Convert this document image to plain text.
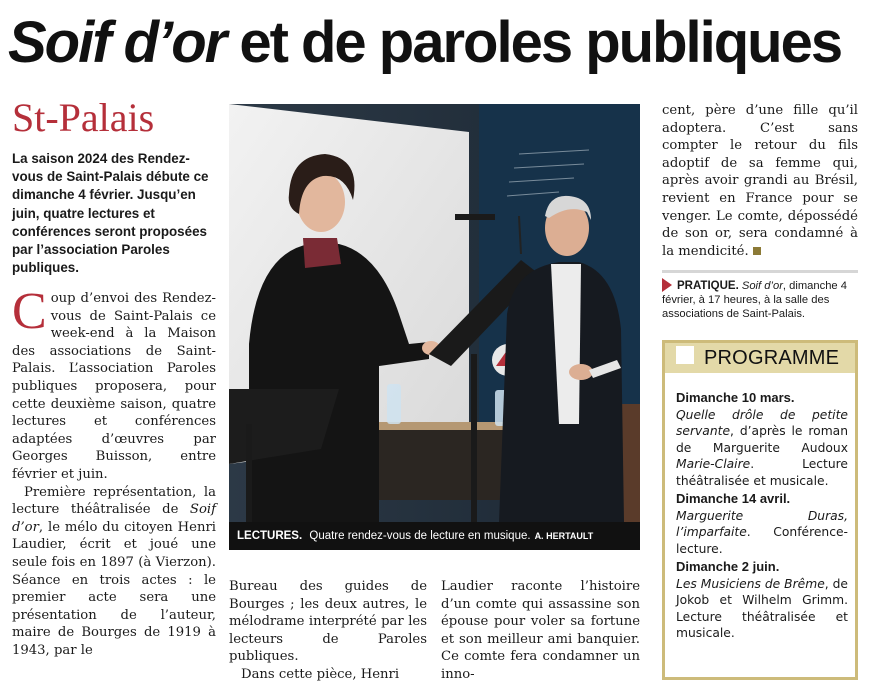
Soif d’or et de paroles publiques
St-Palais
La saison 2024 des Rendez-vous de Saint-Palais débute ce dimanche 4 février. Jusqu’en juin, quatre lectures et conférences seront proposées par l’association Paroles publiques.

Coup d’envoi des Rendez-vous de Saint-Palais ce week-end à la Maison des associations de Saint-Palais. L’association Paroles publiques proposera, pour cette deuxième saison, quatre lectures et conférences adaptées d’œuvres par Georges Buisson, entre février et juin.

Première représentation, la lecture théâtralisée de Soif d’or, le mélo du citoyen Henri Laudier, écrit et joué une seule fois en 1897 (à Vierzon). Séance en trois actes : le premier acte sera une présentation de l’auteur, maire de Bourges de 1919 à 1943, par le

LECTURES. Quatre rendez-vous de lecture en musique. A. HERTAULT

Bureau des guides de Bourges ; les deux autres, le mélodrame interprété par les lecteurs de Paroles publiques.

Dans cette pièce, Henri

Laudier raconte l’histoire d’un comte qui assassine son épouse pour voler sa fortune et son meilleur ami banquier. Ce comte fera condamner un inno-

cent, père d’une fille qu’il adoptera. C’est sans compter le retour du fils adoptif de sa femme qui, après avoir grandi au Brésil, revient en France pour se venger. Le comte, dépossédé de son or, sera condamné à la mendicité.

PRATIQUE. Soif d’or, dimanche 4 février, à 17 heures, à la salle des associations de Saint-Palais.
PROGRAMME
Dimanche 10 mars.

Quelle drôle de petite servante, d’après le roman de Marguerite Audoux Marie-Claire. Lecture théâtralisée et musicale.

Dimanche 14 avril.

Marguerite Duras, l’imparfaite. Conférence-lecture.

Dimanche 2 juin.

Les Musiciens de Brême, de Jokob et Wilhelm Grimm. Lecture théâtralisée et musicale.
